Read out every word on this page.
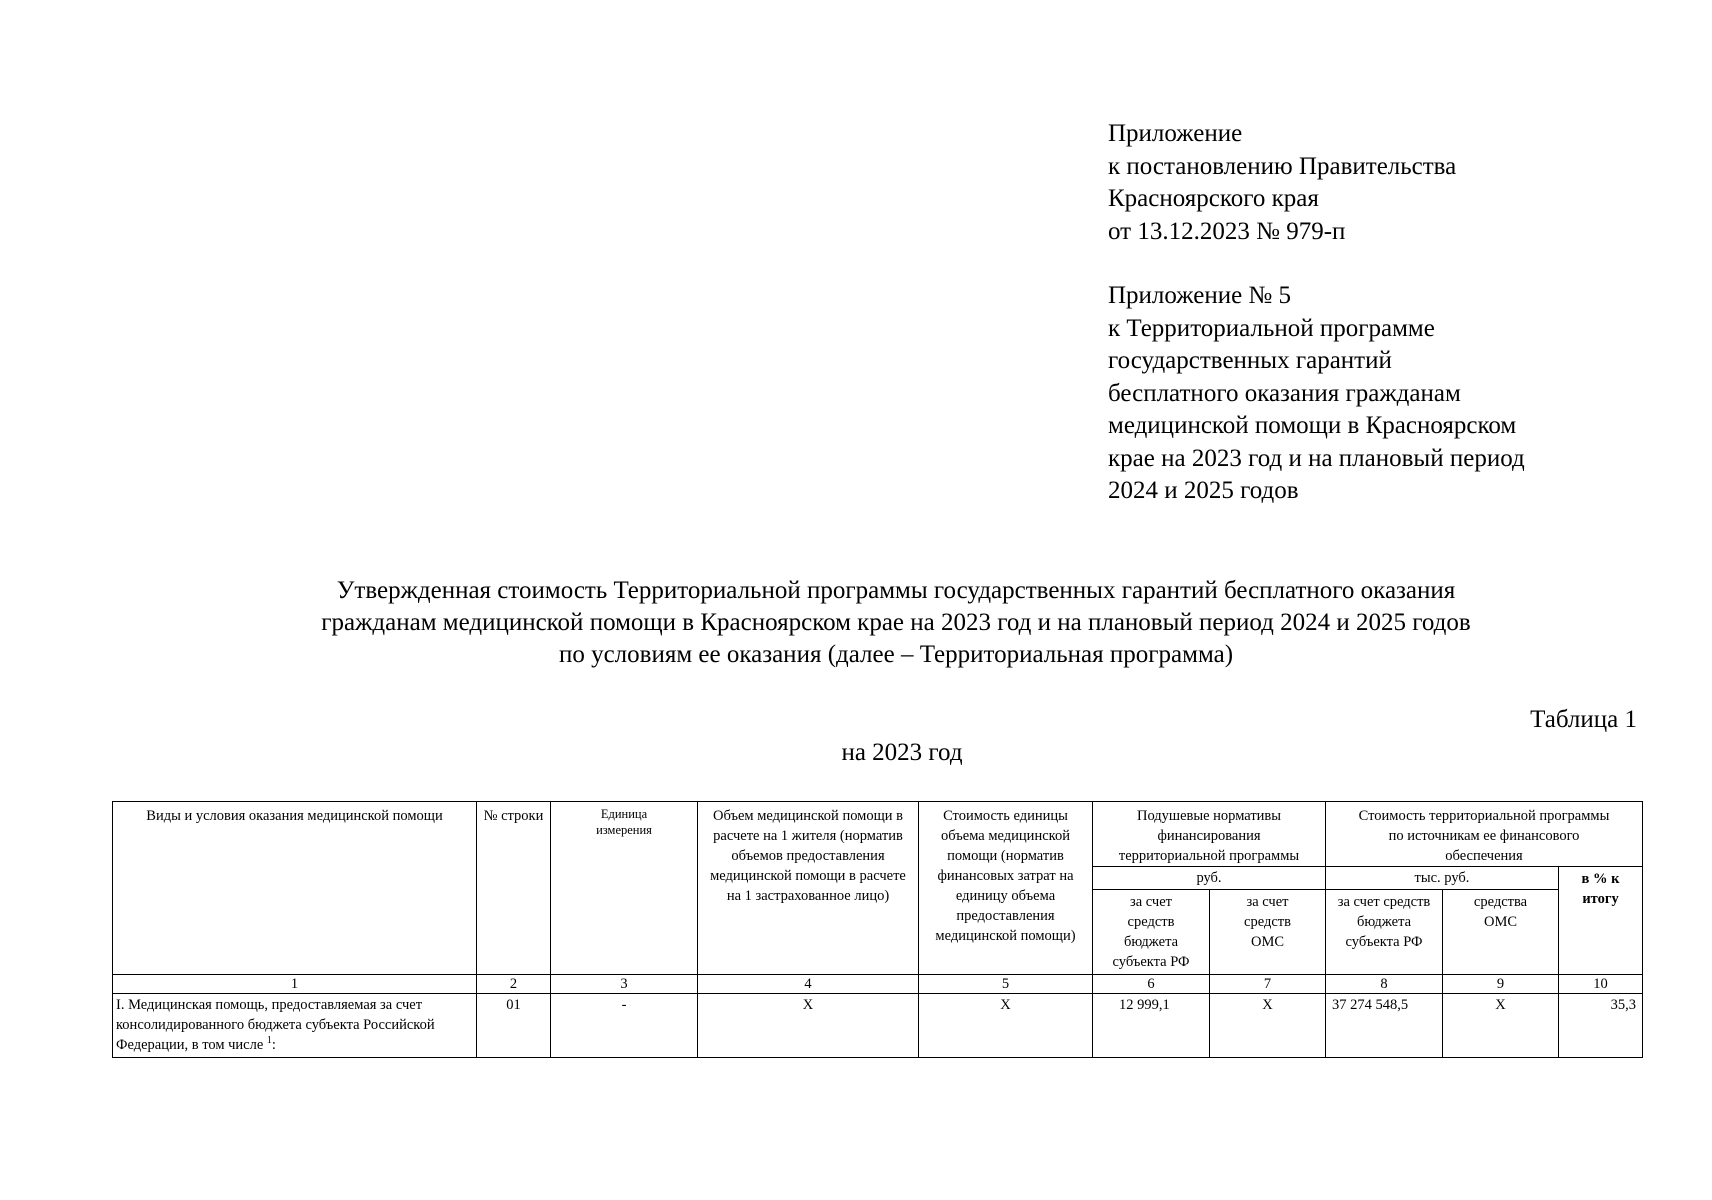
Приложение
к постановлению Правительства
Красноярского края
от 13.12.2023 № 979-п
Приложение № 5
к Территориальной программе
государственных гарантий
бесплатного оказания гражданам
медицинской помощи в Красноярском
крае на 2023 год и на плановый период
2024 и 2025 годов
Утвержденная стоимость Территориальной программы государственных гарантий бесплатного оказания
гражданам медицинской помощи в Красноярском крае на 2023 год и на плановый период 2024 и 2025 годов
по условиям ее оказания (далее – Территориальная программа)
Таблица 1
на 2023 год
Виды и условия оказания медицинской помощи	№ строки	Единица измерения	Объем медицинской помощи в расчете на 1 жителя (норматив объемов предоставления медицинской помощи в расчете на 1 застрахованное лицо)	Стоимость единицы объема медицинской помощи (норматив финансовых затрат на единицу объема предоставления медицинской помощи)	Подушевые нормативы финансирования территориальной программы		Стоимость территориальной программы по источникам ее финансового обеспечения		
					руб.		тыс. руб.		в % к итогу
					за счет средств бюджета субъекта РФ	за счет средств ОМС	за счет средств бюджета субъекта РФ	средства ОМС	
1	2	3	4	5	6	7	8	9	10
I. Медицинская помощь, предоставляемая за счет консолидированного бюджета субъекта Российской Федерации, в том числе $^1$:	01	-	X	X	12 999,1	X	37 274 548,5	X	35,3
